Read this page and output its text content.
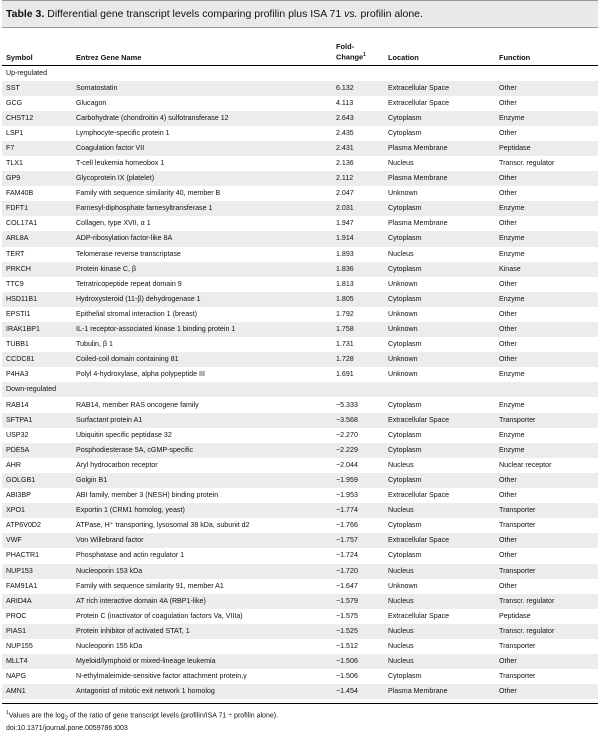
Table 3. Differential gene transcript levels comparing profilin plus ISA 71 vs. profilin alone.
Symbol	Entrez Gene Name	Fold-
Change$^1$	Location	Function
Up-regulated				
SST	Somatostatin	6.132	Extracellular Space	Other
GCG	Glucagon	4.113	Extracellular Space	Other
CHST12	Carbohydrate (chondroitin 4) sulfotransferase 12	2.643	Cytoplasm	Enzyme
LSP1	Lymphocyte-specific protein 1	2.435	Cytoplasm	Other
F7	Coagulation factor VII	2.431	Plasma Membrane	Peptidase
TLX1	T-cell leukemia homeobox 1	2.136	Nucleus	Transcr. regulator
GP9	Glycoprotein IX (platelet)	2.112	Plasma Membrane	Other
FAM40B	Family with sequence similarity 40, member B	2.047	Unknown	Other
FDFT1	Farnesyl-diphosphate farnesyltransferase 1	2.031	Cytoplasm	Enzyme
COL17A1	Collagen, type XVII, α 1	1.947	Plasma Membrane	Other
ARL8A	ADP-ribosylation factor-like 8A	1.914	Cytoplasm	Enzyme
TERT	Telomerase reverse transcriptase	1.893	Nucleus	Enzyme
PRKCH	Protein kinase C, β	1.836	Cytoplasm	Kinase
TTC9	Tetratricopeptide repeat domain 9	1.813	Unknown	Other
HSD11B1	Hydroxysteroid (11-β) dehydrogenase 1	1.805	Cytoplasm	Enzyme
EPSTI1	Epithelial stromal interaction 1 (breast)	1.792	Unknown	Other
IRAK1BP1	IL-1 receptor-associated kinase 1 binding protein 1	1.758	Unknown	Other
TUBB1	Tubulin, β 1	1.731	Cytoplasm	Other
CCDC81	Coiled-coil domain containing 81	1.728	Unknown	Other
P4HA3	Polyl 4-hydroxylase, alpha polypeptide III	1.691	Unknown	Enzyme
Down-regulated				
RAB14	RAB14, member RAS oncogene family	−5.333	Cytoplasm	Enzyme
SFTPA1	Surfactant protein A1	−3.568	Extracellular Space	Transporter
USP32	Ubiquitin specific peptidase 32	−2.270	Cytoplasm	Enzyme
PDE5A	Posphodiesterase 5A, cGMP-specific	−2.229	Cytoplasm	Enzyme
AHR	Aryl hydrocarbon receptor	−2.044	Nucleus	Nuclear receptor
GOLGB1	Golgin B1	−1.959	Cytoplasm	Other
ABI3BP	ABI family, member 3 (NESH) binding protein	−1.953	Extracellular Space	Other
XPO1	Exportin 1 (CRM1 homolog, yeast)	−1.774	Nucleus	Transporter
ATP6V0D2	ATPase, H⁺ transporting, lysosomal 38 kDa, subunit d2	−1.766	Cytoplasm	Transporter
VWF	Von Willebrand factor	−1.757	Extracellular Space	Other
PHACTR1	Phosphatase and actin regulator 1	−1.724	Cytoplasm	Other
NUP153	Nucleoporin 153 kDa	−1.720	Nucleus	Transporter
FAM91A1	Family with sequence similarity 91, member A1	−1.647	Unknown	Other
ARID4A	AT rich interactive domain 4A (RBP1-like)	−1.579	Nucleus	Transcr. regulator
PROC	Protein C (inactivator of coagulation factors Va, VIIIa)	−1.575	Extracellular Space	Peptidase
PIAS1	Protein inhibitor of activated STAT, 1	−1.525	Nucleus	Transcr. regulator
NUP155	Nucleoporin 155 kDa	−1.512	Nucleus	Transporter
MLLT4	Myeloid/lymphoid or mixed-lineage leukemia	−1.506	Nucleus	Other
NAPG	N-ethylmaleimide-sensitive factor attachment protein,γ	−1.506	Cytoplasm	Transporter
AMN1	Antagonist of mitotic exit network 1 homolog	−1.454	Plasma Membrane	Other
$^1$Values are the $\log_2$ of the ratio of gene transcript levels (profilin/ISA 71 ÷ profilin alone).
doi:10.1371/journal.pone.0059786.t003
